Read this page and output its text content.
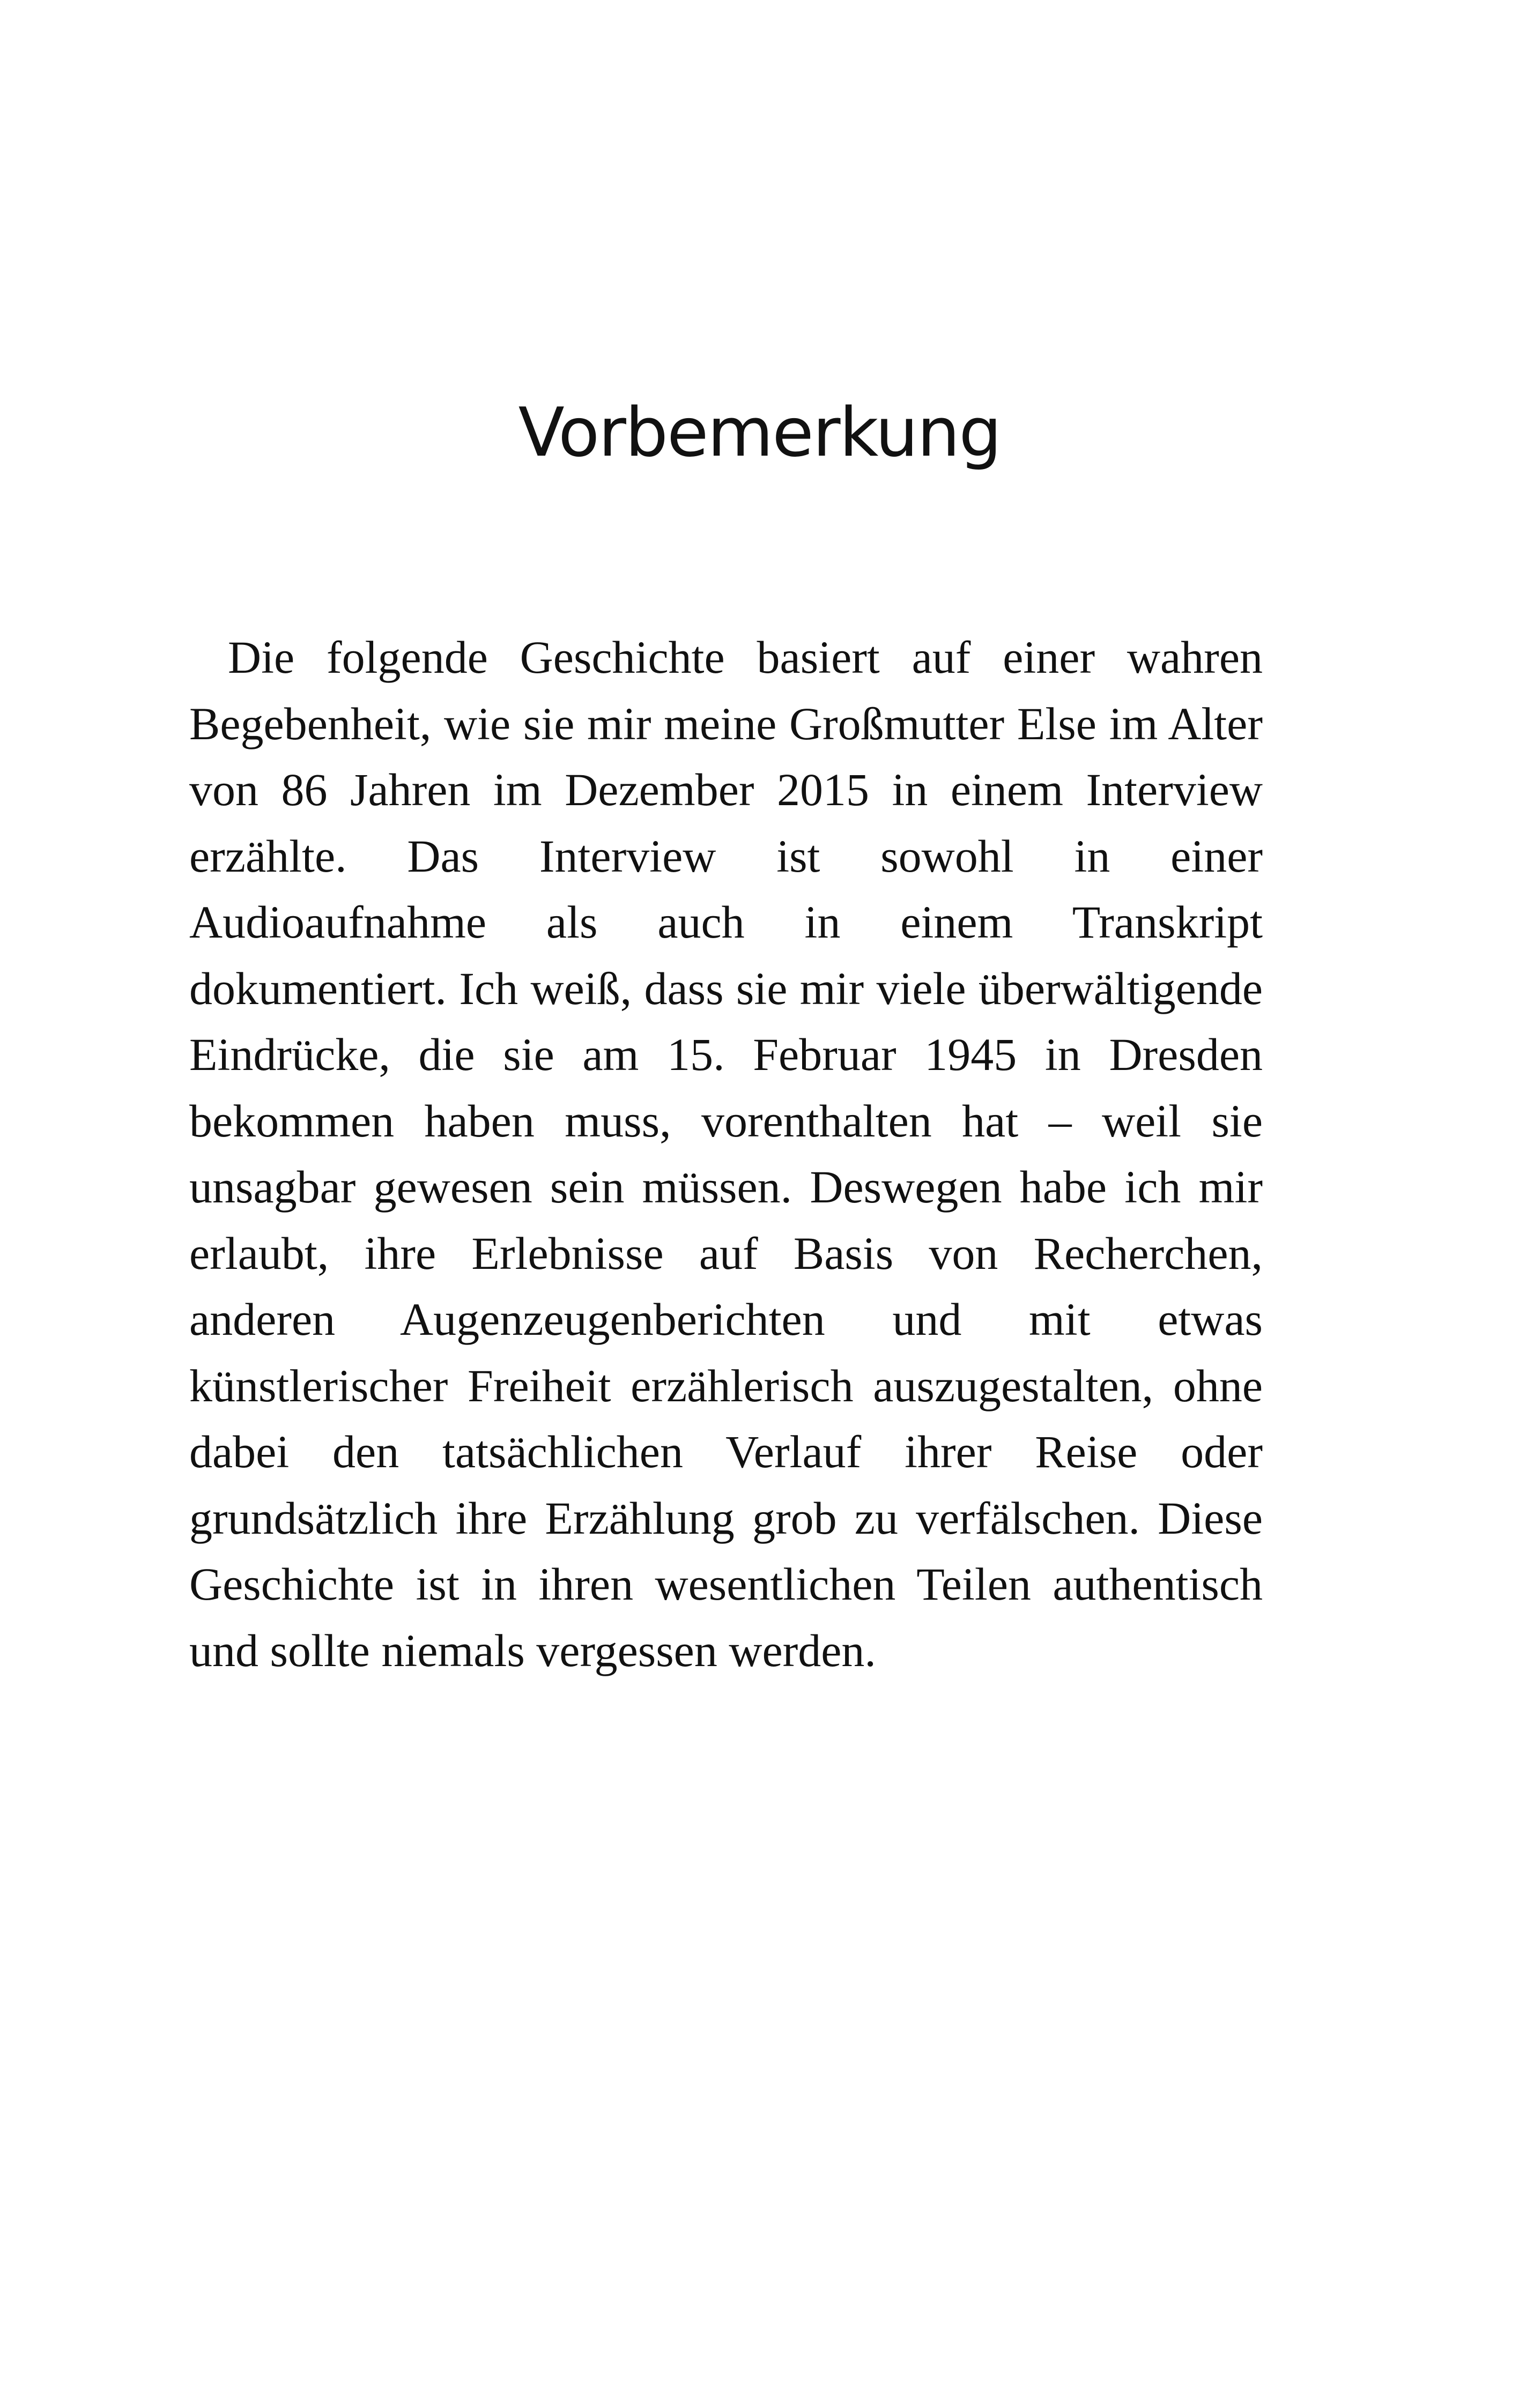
Vorbemerkung

Die folgende Geschichte basiert auf einer wahren Begebenheit, wie sie mir meine Großmutter Else im Alter von 86 Jahren im Dezember 2015 in einem Interview erzählte. Das Interview ist sowohl in einer Audioaufnahme als auch in einem Transkript dokumentiert. Ich weiß, dass sie mir viele überwältigende Eindrücke, die sie am 15. Februar 1945 in Dresden bekommen haben muss, vorenthalten hat – weil sie unsagbar gewesen sein müssen. Deswegen habe ich mir erlaubt, ihre Erlebnisse auf Basis von Recherchen, anderen Augenzeugenberichten und mit etwas künstlerischer Freiheit erzählerisch auszugestalten, ohne dabei den tatsächlichen Verlauf ihrer Reise oder grundsätzlich ihre Erzählung grob zu verfälschen. Diese Geschichte ist in ihren wesentlichen Teilen authentisch und sollte niemals vergessen werden.
